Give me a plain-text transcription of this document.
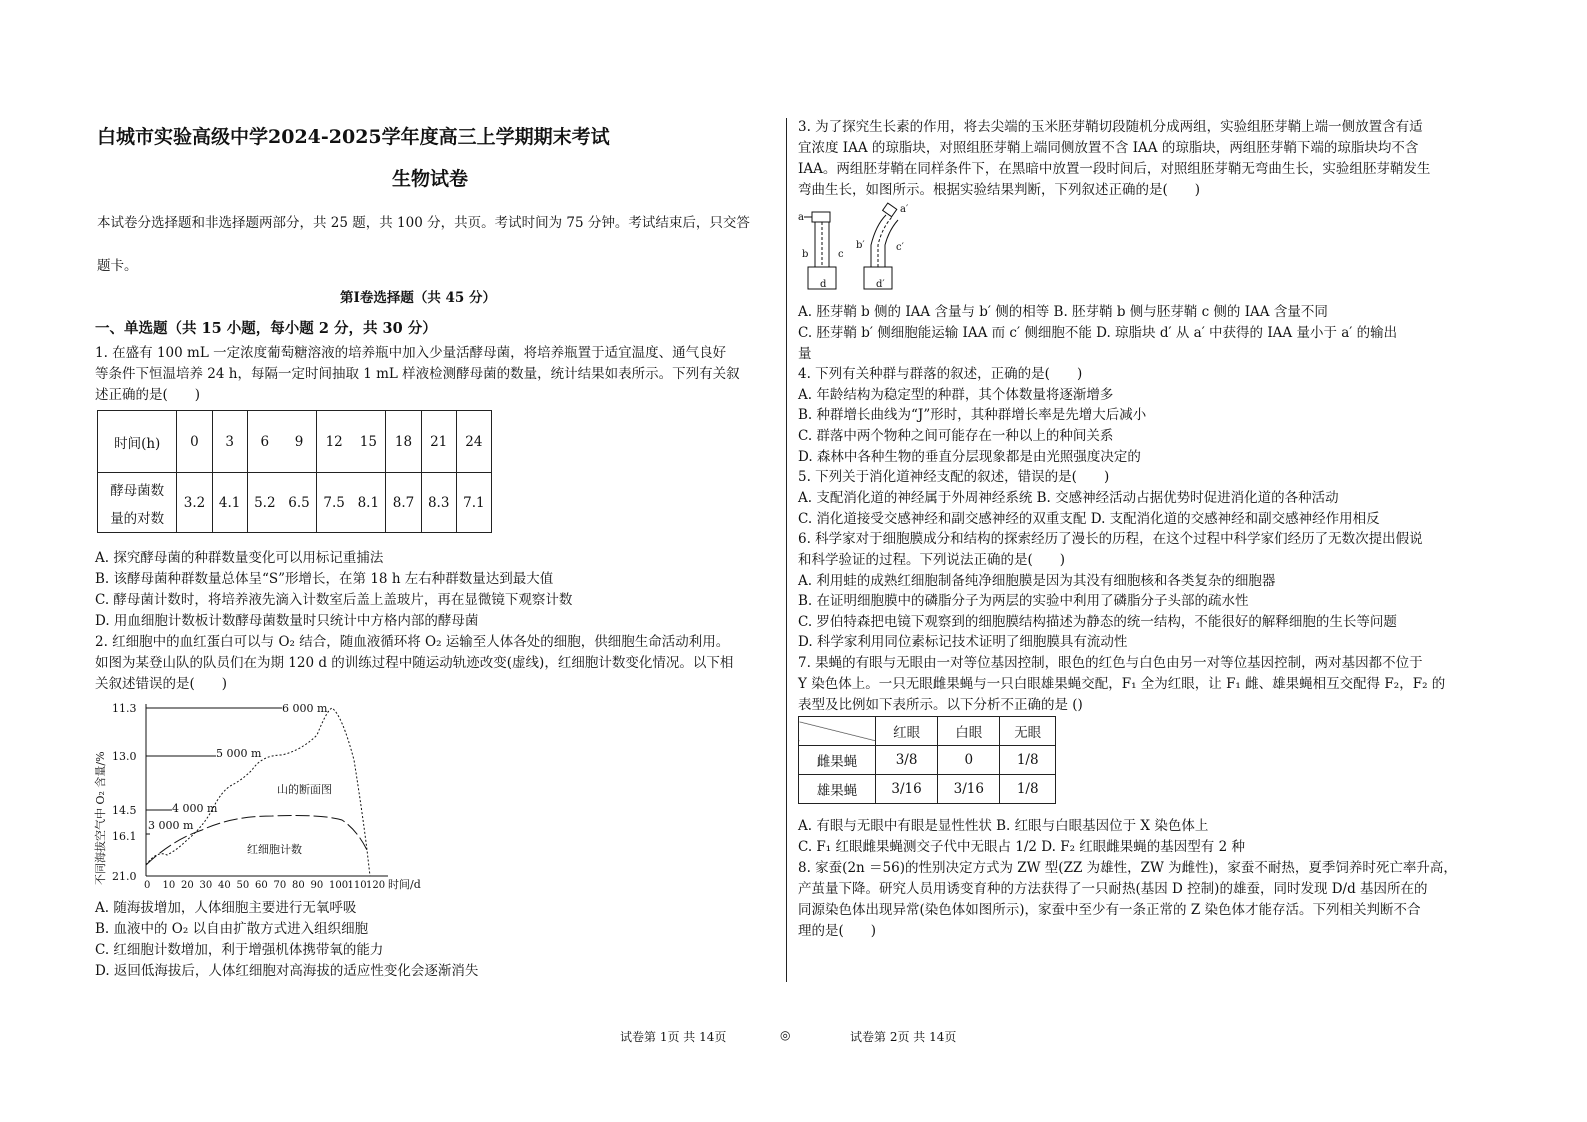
白城市实验高级中学2024-2025学年度高三上学期期末考试
生物试卷
本试卷分选择题和非选择题两部分，共 25 题，共 100 分，共页。考试时间为 75 分钟。考试结束后，只交答
题卡。
第Ⅰ卷选择题（共 45 分）
一、单选题（共 15 小题，每小题 2 分，共 30 分）
1. 在盛有 100 mL 一定浓度葡萄糖溶液的培养瓶中加入少量活酵母菌，将培养瓶置于适宜温度、通气良好
等条件下恒温培养 24 h，每隔一定时间抽取 1 mL 样液检测酵母菌的数量，统计结果如表所示。下列有关叙
述正确的是(　　)
A. 探究酵母菌的种群数量变化可以用标记重捕法
B. 该酵母菌种群数量总体呈“S”形增长，在第 18 h 左右种群数量达到最大值
C. 酵母菌计数时，将培养液先滴入计数室后盖上盖玻片，再在显微镜下观察计数
D. 用血细胞计数板计数酵母菌数量时只统计中方格内部的酵母菌
2. 红细胞中的血红蛋白可以与 O₂ 结合，随血液循环将 O₂ 运输至人体各处的细胞，供细胞生命活动利用。
如图为某登山队的队员们在为期 120 d 的训练过程中随运动轨迹改变(虚线)，红细胞计数变化情况。以下相
关叙述错误的是(　　)
A. 随海拔增加，人体细胞主要进行无氧呼吸
B. 血液中的 O₂ 以自由扩散方式进入组织细胞
C. 红细胞计数增加，利于增强机体携带氧的能力
D. 返回低海拔后，人体红细胞对高海拔的适应性变化会逐渐消失
3. 为了探究生长素的作用，将去尖端的玉米胚芽鞘切段随机分成两组，实验组胚芽鞘上端一侧放置含有适
宜浓度 IAA 的琼脂块，对照组胚芽鞘上端同侧放置不含 IAA 的琼脂块，两组胚芽鞘下端的琼脂块均不含
IAA。两组胚芽鞘在同样条件下，在黑暗中放置一段时间后，对照组胚芽鞘无弯曲生长，实验组胚芽鞘发生
弯曲生长，如图所示。根据实验结果判断，下列叙述正确的是(　　)
A. 胚芽鞘 b 侧的 IAA 含量与 b′ 侧的相等 B. 胚芽鞘 b 侧与胚芽鞘 c 侧的 IAA 含量不同
C. 胚芽鞘 b′ 侧细胞能运输 IAA 而 c′ 侧细胞不能 D. 琼脂块 d′ 从 a′ 中获得的 IAA 量小于 a′ 的输出
量
4. 下列有关种群与群落的叙述，正确的是(　　)
A. 年龄结构为稳定型的种群，其个体数量将逐渐增多
B. 种群增长曲线为“J”形时，其种群增长率是先增大后减小
C. 群落中两个物种之间可能存在一种以上的种间关系
D. 森林中各种生物的垂直分层现象都是由光照强度决定的
5. 下列关于消化道神经支配的叙述，错误的是(　　)
A. 支配消化道的神经属于外周神经系统 B. 交感神经活动占据优势时促进消化道的各种活动
C. 消化道接受交感神经和副交感神经的双重支配 D. 支配消化道的交感神经和副交感神经作用相反
6. 科学家对于细胞膜成分和结构的探索经历了漫长的历程，在这个过程中科学家们经历了无数次提出假说
和科学验证的过程。下列说法正确的是(　　)
A. 利用蛙的成熟红细胞制备纯净细胞膜是因为其没有细胞核和各类复杂的细胞器
B. 在证明细胞膜中的磷脂分子为两层的实验中利用了磷脂分子头部的疏水性
C. 罗伯特森把电镜下观察到的细胞膜结构描述为静态的统一结构，不能很好的解释细胞的生长等问题
D. 科学家利用同位素标记技术证明了细胞膜具有流动性
7. 果蝇的有眼与无眼由一对等位基因控制，眼色的红色与白色由另一对等位基因控制，两对基因都不位于
Y 染色体上。一只无眼雌果蝇与一只白眼雄果蝇交配，F₁ 全为红眼，让 F₁ 雌、雄果蝇相互交配得 F₂，F₂ 的
表型及比例如下表所示。以下分析不正确的是 ()
A. 有眼与无眼中有眼是显性性状 B. 红眼与白眼基因位于 X 染色体上
C. F₁ 红眼雌果蝇测交子代中无眼占 1/2 D. F₂ 红眼雌果蝇的基因型有 2 种
8. 家蚕(2n ＝56)的性别决定方式为 ZW 型(ZZ 为雄性，ZW 为雌性)，家蚕不耐热，夏季饲养时死亡率升高，
产茧量下降。研究人员用诱变育种的方法获得了一只耐热(基因 D 控制)的雄蚕，同时发现 D/d 基因所在的
同源染色体出现异常(染色体如图所示)，家蚕中至少有一条正常的 Z 染色体才能存活。下列相关判断不合
理的是(　　)
时间(h)	0	3	6	9	12	15	18	21	24

酵母菌数
量的对数	3.2	4.1	5.2	6.5	7.5	8.1	8.7	8.3	7.1
	红眼	白眼	无眼
雌果蝇	3/8	0	1/8
雄果蝇	3/16	3/16	1/8
试卷第 1页 共 14页	◎	试卷第 2页 共 14页
不同海拔空气中 O₂ 含量/%
11.3
13.0
14.5
16.1
21.0
0 10 20 30 40 50 60 70 80 90 100 110 120 时间/d
6 000 m
5 000 m
4 000 m
3 000 m
山的断面图
红细胞计数
a
b	c
d
a′
b′	c′
d′
